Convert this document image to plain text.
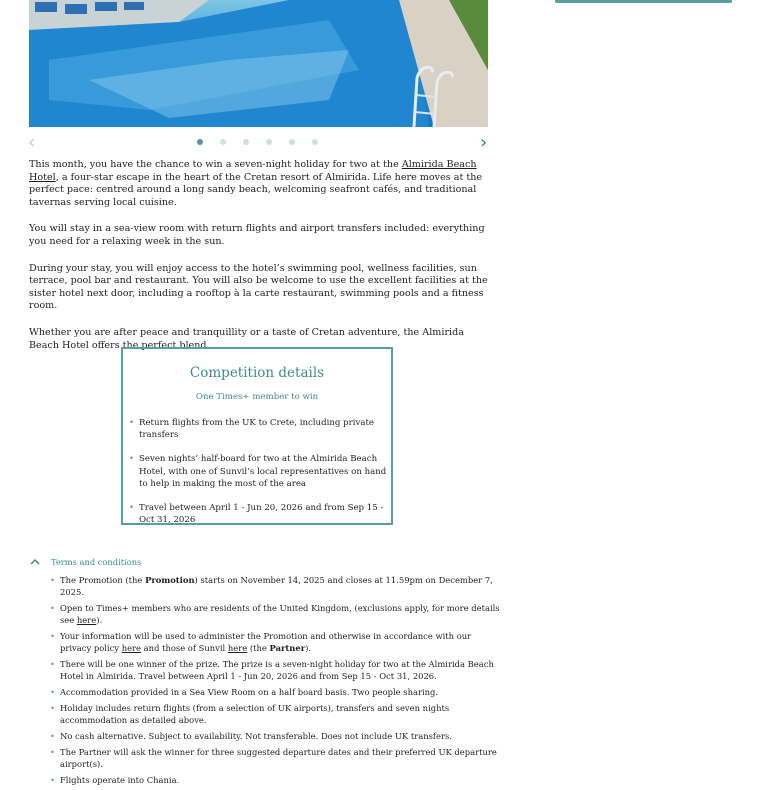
‹	›

This month, you have the chance to win a seven-night holiday for two at the Almirida Beach Hotel, a four-star escape in the heart of the Cretan resort of Almirida. Life here moves at the perfect pace: centred around a long sandy beach, welcoming seafront cafés, and traditional tavernas serving local cuisine.

You will stay in a sea-view room with return flights and airport transfers included: everything you need for a relaxing week in the sun.

During your stay, you will enjoy access to the hotel’s swimming pool, wellness facilities, sun terrace, pool bar and restaurant. You will also be welcome to use the excellent facilities at the sister hotel next door, including a rooftop à la carte restaurant, swimming pools and a fitness room.

Whether you are after peace and tranquillity or a taste of Cretan adventure, the Almirida Beach Hotel offers the perfect blend.

Competition details
One Times+ member to win
• Return flights from the UK to Crete, including private transfers
• Seven nights’ half-board for two at the Almirida Beach Hotel, with one of Sunvil’s local representatives on hand to help in making the most of the area
• Travel between April 1 - Jun 20, 2026 and from Sep 15 - Oct 31, 2026
Terms and conditions
• The Promotion (the Promotion) starts on November 14, 2025 and closes at 11.59pm on December 7, 2025.
• Open to Times+ members who are residents of the United Kingdom, (exclusions apply, for more details see here).
• Your information will be used to administer the Promotion and otherwise in accordance with our privacy policy here and those of Sunvil here (the Partner).
• There will be one winner of the prize. The prize is a seven-night holiday for two at the Almirida Beach Hotel in Almirida. Travel between April 1 - Jun 20, 2026 and from Sep 15 - Oct 31, 2026.
• Accommodation provided in a Sea View Room on a half board basis. Two people sharing.
• Holiday includes return flights (from a selection of UK airports), transfers and seven nights accommodation as detailed above.
• No cash alternative. Subject to availability. Not transferable. Does not include UK transfers.
• The Partner will ask the winner for three suggested departure dates and their preferred UK departure airport(s).
• Flights operate into Chania.
